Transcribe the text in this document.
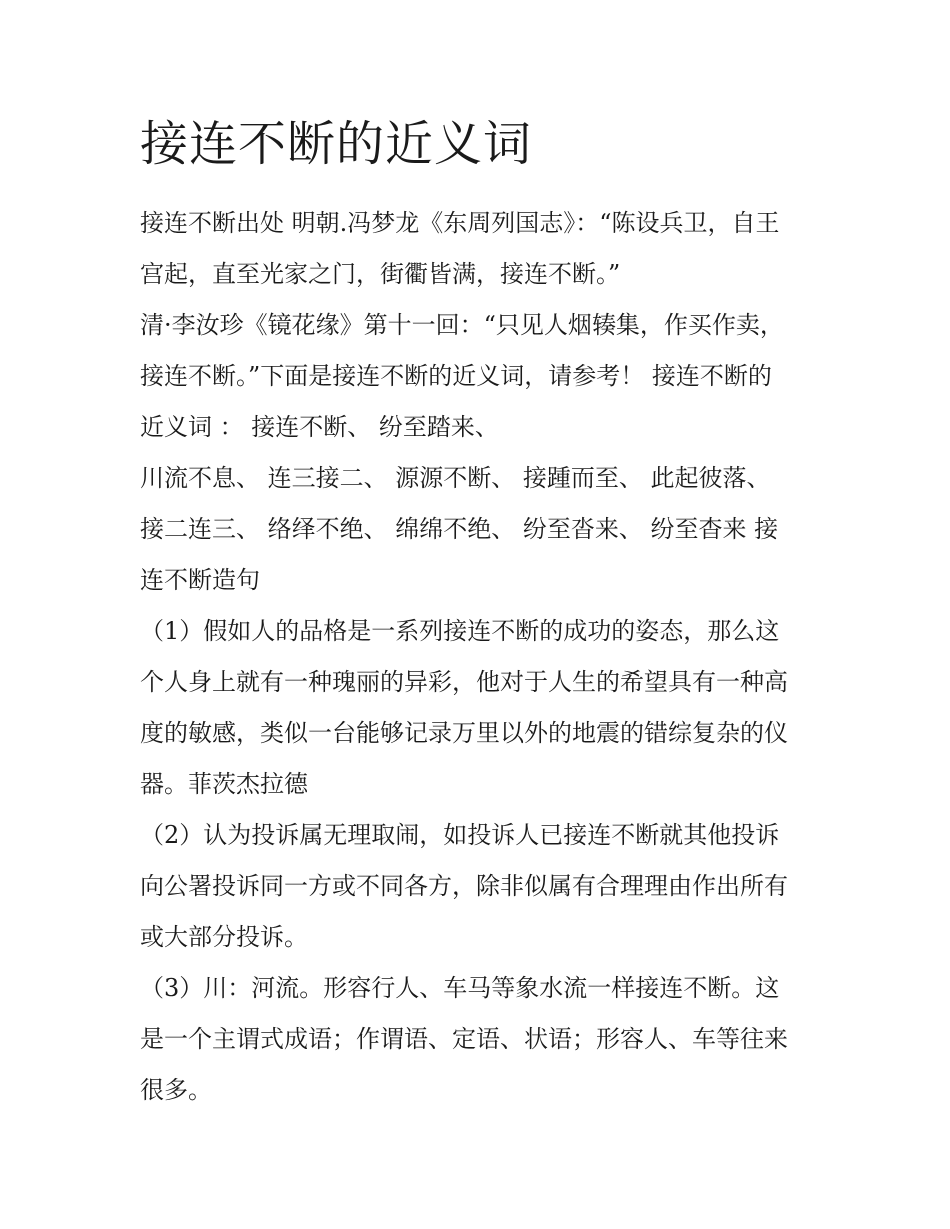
接连不断的近义词
接连不断出处 明朝.冯梦龙《东周列国志》：“陈设兵卫，自王
宫起，直至光家之门，街衢皆满，接连不断。”
清·李汝珍《镜花缘》第十一回：“只见人烟辏集，作买作卖，
接连不断。”下面是接连不断的近义词，请参考！ 接连不断的
近义词 ： 接连不断、 纷至踏来、
川流不息、 连三接二、 源源不断、 接踵而至、 此起彼落、
接二连三、 络绎不绝、 绵绵不绝、 纷至沓来、 纷至杳来 接
连不断造句
（1）假如人的品格是一系列接连不断的成功的姿态，那么这
个人身上就有一种瑰丽的异彩，他对于人生的希望具有一种高
度的敏感，类似一台能够记录万里以外的地震的错综复杂的仪
器。菲茨杰拉德
（2）认为投诉属无理取闹，如投诉人已接连不断就其他投诉
向公署投诉同一方或不同各方，除非似属有合理理由作出所有
或大部分投诉。
（3）川：河流。形容行人、车马等象水流一样接连不断。这
是一个主谓式成语；作谓语、定语、状语；形容人、车等往来
很多。
